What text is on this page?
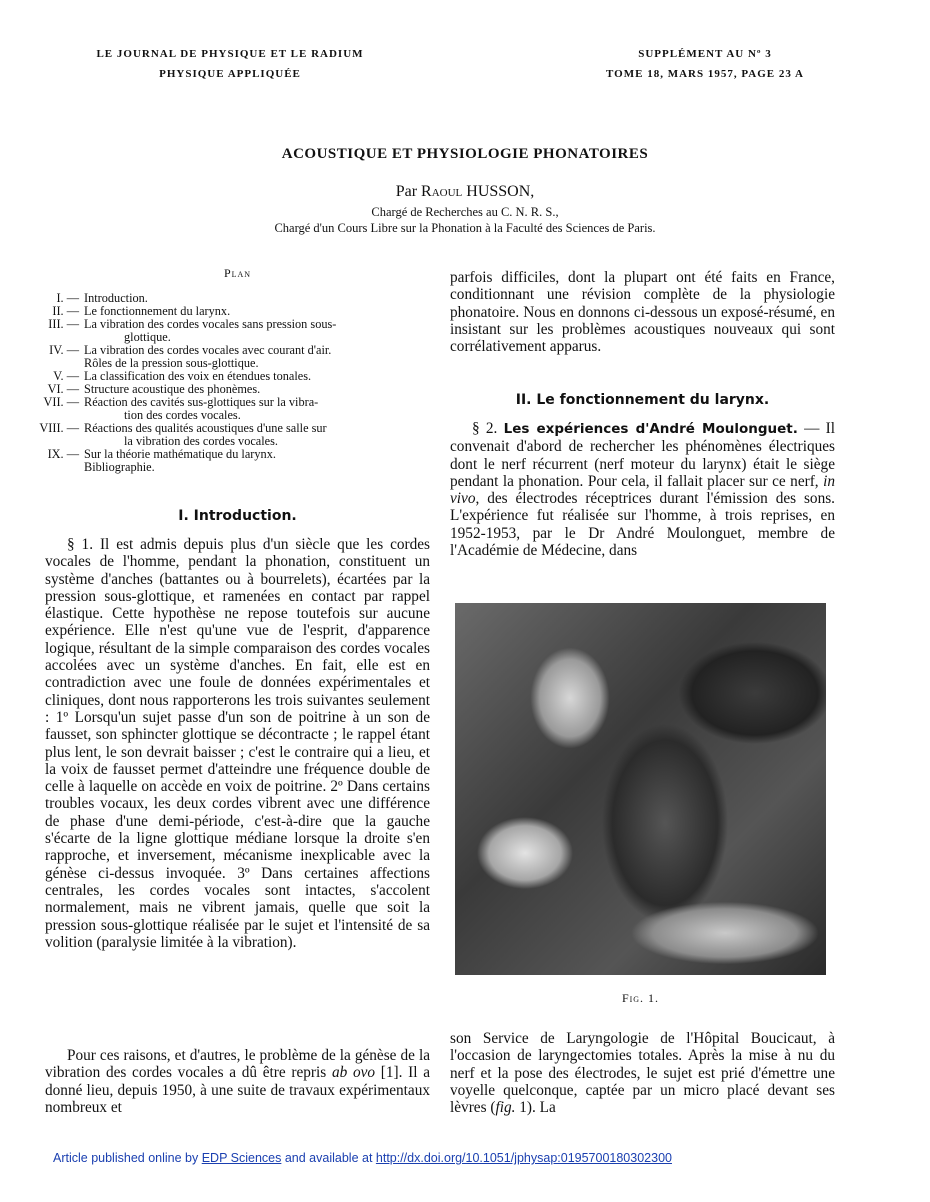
LE JOURNAL DE PHYSIQUE ET LE RADIUM
PHYSIQUE APPLIQUÉE
SUPPLÉMENT AU Nº 3
TOME 18, MARS 1957, PAGE 23 A
ACOUSTIQUE ET PHYSIOLOGIE PHONATOIRES
Par Raoul HUSSON,
Chargé de Recherches au C. N. R. S.,
Chargé d'un Cours Libre sur la Phonation à la Faculté des Sciences de Paris.
Plan
I. — Introduction.
II. — Le fonctionnement du larynx.
III. — La vibration des cordes vocales sans pression sous-
glottique.
IV. — La vibration des cordes vocales avec courant d'air.
Rôles de la pression sous-glottique.
V. — La classification des voix en étendues tonales.
VI. — Structure acoustique des phonèmes.
VII. — Réaction des cavités sus-glottiques sur la vibra-
tion des cordes vocales.
VIII. — Réactions des qualités acoustiques d'une salle sur
la vibration des cordes vocales.
IX. — Sur la théorie mathématique du larynx.
Bibliographie.
I. Introduction.
§ 1. Il est admis depuis plus d'un siècle que les cordes vocales de l'homme, pendant la phonation, constituent un système d'anches (battantes ou à bourrelets), écartées par la pression sous-glottique, et ramenées en contact par rappel élastique. Cette hypothèse ne repose toutefois sur aucune expérience. Elle n'est qu'une vue de l'esprit, d'apparence logique, résultant de la simple comparaison des cordes vocales accolées avec un système d'anches. En fait, elle est en contradiction avec une foule de données expérimentales et cliniques, dont nous rapporterons les trois suivantes seulement : 1º Lorsqu'un sujet passe d'un son de poitrine à un son de fausset, son sphincter glottique se décontracte ; le rappel étant plus lent, le son devrait baisser ; c'est le contraire qui a lieu, et la voix de fausset permet d'atteindre une fréquence double de celle à laquelle on accède en voix de poitrine. 2º Dans certains troubles vocaux, les deux cordes vibrent avec une différence de phase d'une demi-période, c'est-à-dire que la gauche s'écarte de la ligne glottique médiane lorsque la droite s'en rapproche, et inversement, mécanisme inexplicable avec la génèse ci-dessus invoquée. 3º Dans certaines affections centrales, les cordes vocales sont intactes, s'accolent normalement, mais ne vibrent jamais, quelle que soit la pression sous-glottique réalisée par le sujet et l'intensité de sa volition (paralysie limitée à la vibration).
Pour ces raisons, et d'autres, le problème de la génèse de la vibration des cordes vocales a dû être repris ab ovo [1]. Il a donné lieu, depuis 1950, à une suite de travaux expérimentaux nombreux et
parfois difficiles, dont la plupart ont été faits en France, conditionnant une révision complète de la physiologie phonatoire. Nous en donnons ci-dessous un exposé-résumé, en insistant sur les problèmes acoustiques nouveaux qui sont corrélativement apparus.
II. Le fonctionnement du larynx.
§ 2. Les expériences d'André Moulonguet. — Il convenait d'abord de rechercher les phénomènes électriques dont le nerf récurrent (nerf moteur du larynx) était le siège pendant la phonation. Pour cela, il fallait placer sur ce nerf, in vivo, des électrodes réceptrices durant l'émission des sons. L'expérience fut réalisée sur l'homme, à trois reprises, en 1952-1953, par le Dr André Moulonguet, membre de l'Académie de Médecine, dans
Fig. 1.
son Service de Laryngologie de l'Hôpital Boucicaut, à l'occasion de laryngectomies totales. Après la mise à nu du nerf et la pose des électrodes, le sujet est prié d'émettre une voyelle quelconque, captée par un micro placé devant ses lèvres (fig. 1). La
Article published online by EDP Sciences and available at http://dx.doi.org/10.1051/jphysap:0195700180302300
